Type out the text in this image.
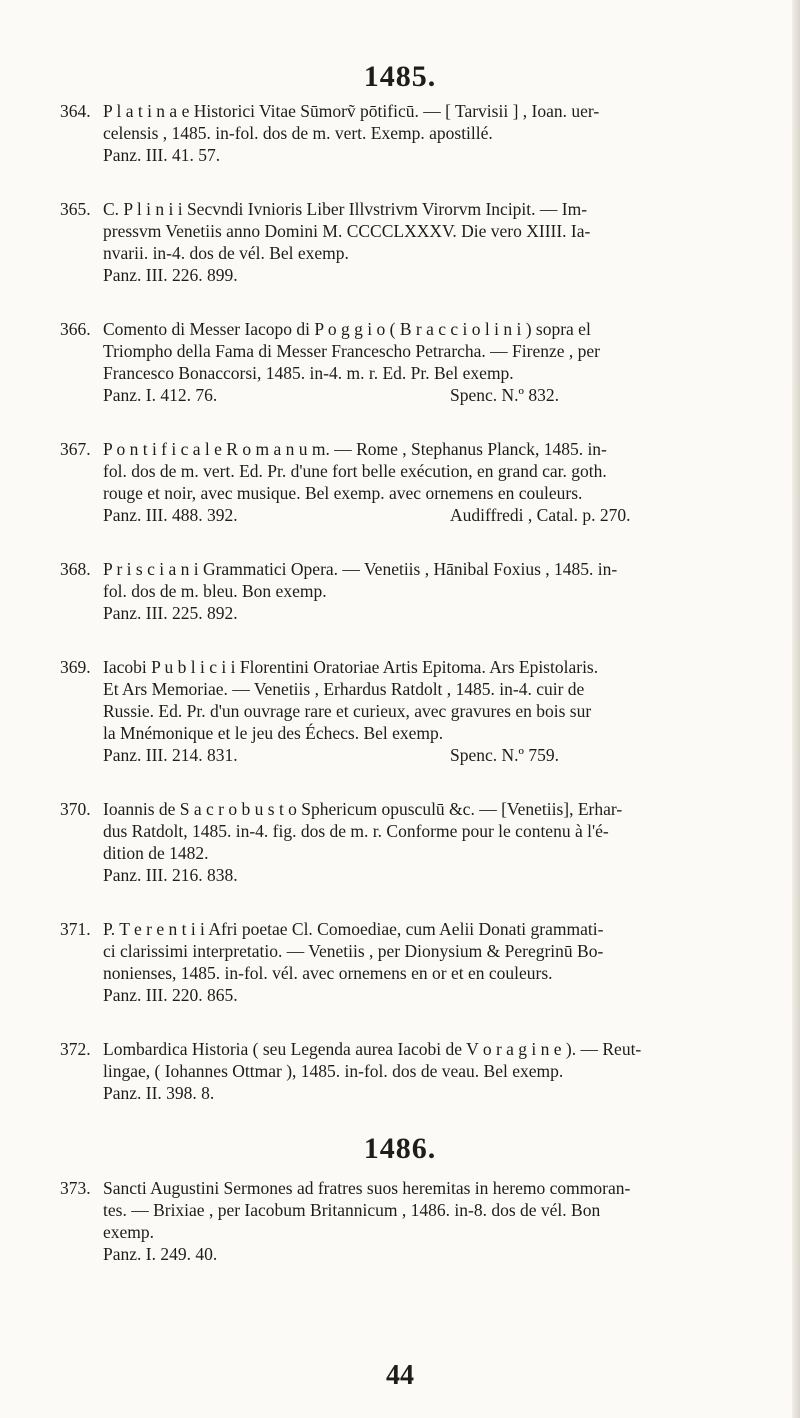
1485.
364. P l a t i n a e Historici Vitae Sūmorṽ pōtificū. — [ Tarvisii ] , Ioan. uer-
celensis , 1485. in-fol. dos de m. vert. Exemp. apostillé.
Panz. III. 41. 57.
365. C. P l i n i i Secvndi Ivnioris Liber Illvstrivm Virorvm Incipit. — Im-
pressvm Venetiis anno Domini M. CCCCLXXXV. Die vero XIIII. Ia-
nvarii. in-4. dos de vél. Bel exemp.
Panz. III. 226. 899.
366. Comento di Messer Iacopo di P o g g i o ( B r a c c i o l i n i ) sopra el
Triompho della Fama di Messer Francescho Petrarcha. — Firenze , per
Francesco Bonaccorsi, 1485. in-4. m. r. Ed. Pr. Bel exemp.
Panz. I. 412. 76.	Spenc. N.º 832.
367. P o n t i f i c a l e R o m a n u m. — Rome , Stephanus Planck, 1485. in-
fol. dos de m. vert. Ed. Pr. d'une fort belle exécution, en grand car. goth.
rouge et noir, avec musique. Bel exemp. avec ornemens en couleurs.
Panz. III. 488. 392.	Audiffredi , Catal. p. 270.
368. P r i s c i a n i Grammatici Opera. — Venetiis , Hānibal Foxius , 1485. in-
fol. dos de m. bleu. Bon exemp.
Panz. III. 225. 892.
369. Iacobi P u b l i c i i Florentini Oratoriae Artis Epitoma. Ars Epistolaris.
Et Ars Memoriae. — Venetiis , Erhardus Ratdolt , 1485. in-4. cuir de
Russie. Ed. Pr. d'un ouvrage rare et curieux, avec gravures en bois sur
la Mnémonique et le jeu des Échecs. Bel exemp.
Panz. III. 214. 831.	Spenc. N.º 759.
370. Ioannis de S a c r o b u s t o Sphericum opusculū &c. — [Venetiis], Erhar-
dus Ratdolt, 1485. in-4. fig. dos de m. r. Conforme pour le contenu à l'é-
dition de 1482.
Panz. III. 216. 838.
371. P. T e r e n t i i Afri poetae Cl. Comoediae, cum Aelii Donati grammati-
ci clarissimi interpretatio. — Venetiis , per Dionysium & Peregrinū Bo-
nonienses, 1485. in-fol. vél. avec ornemens en or et en couleurs.
Panz. III. 220. 865.
372. Lombardica Historia ( seu Legenda aurea Iacobi de V o r a g i n e ). — Reut-
lingae, ( Iohannes Ottmar ), 1485. in-fol. dos de veau. Bel exemp.
Panz. II. 398. 8.
1486.
373. Sancti Augustini Sermones ad fratres suos heremitas in heremo commoran-
tes. — Brixiae , per Iacobum Britannicum , 1486. in-8. dos de vél. Bon
exemp.
Panz. I. 249. 40.
44
